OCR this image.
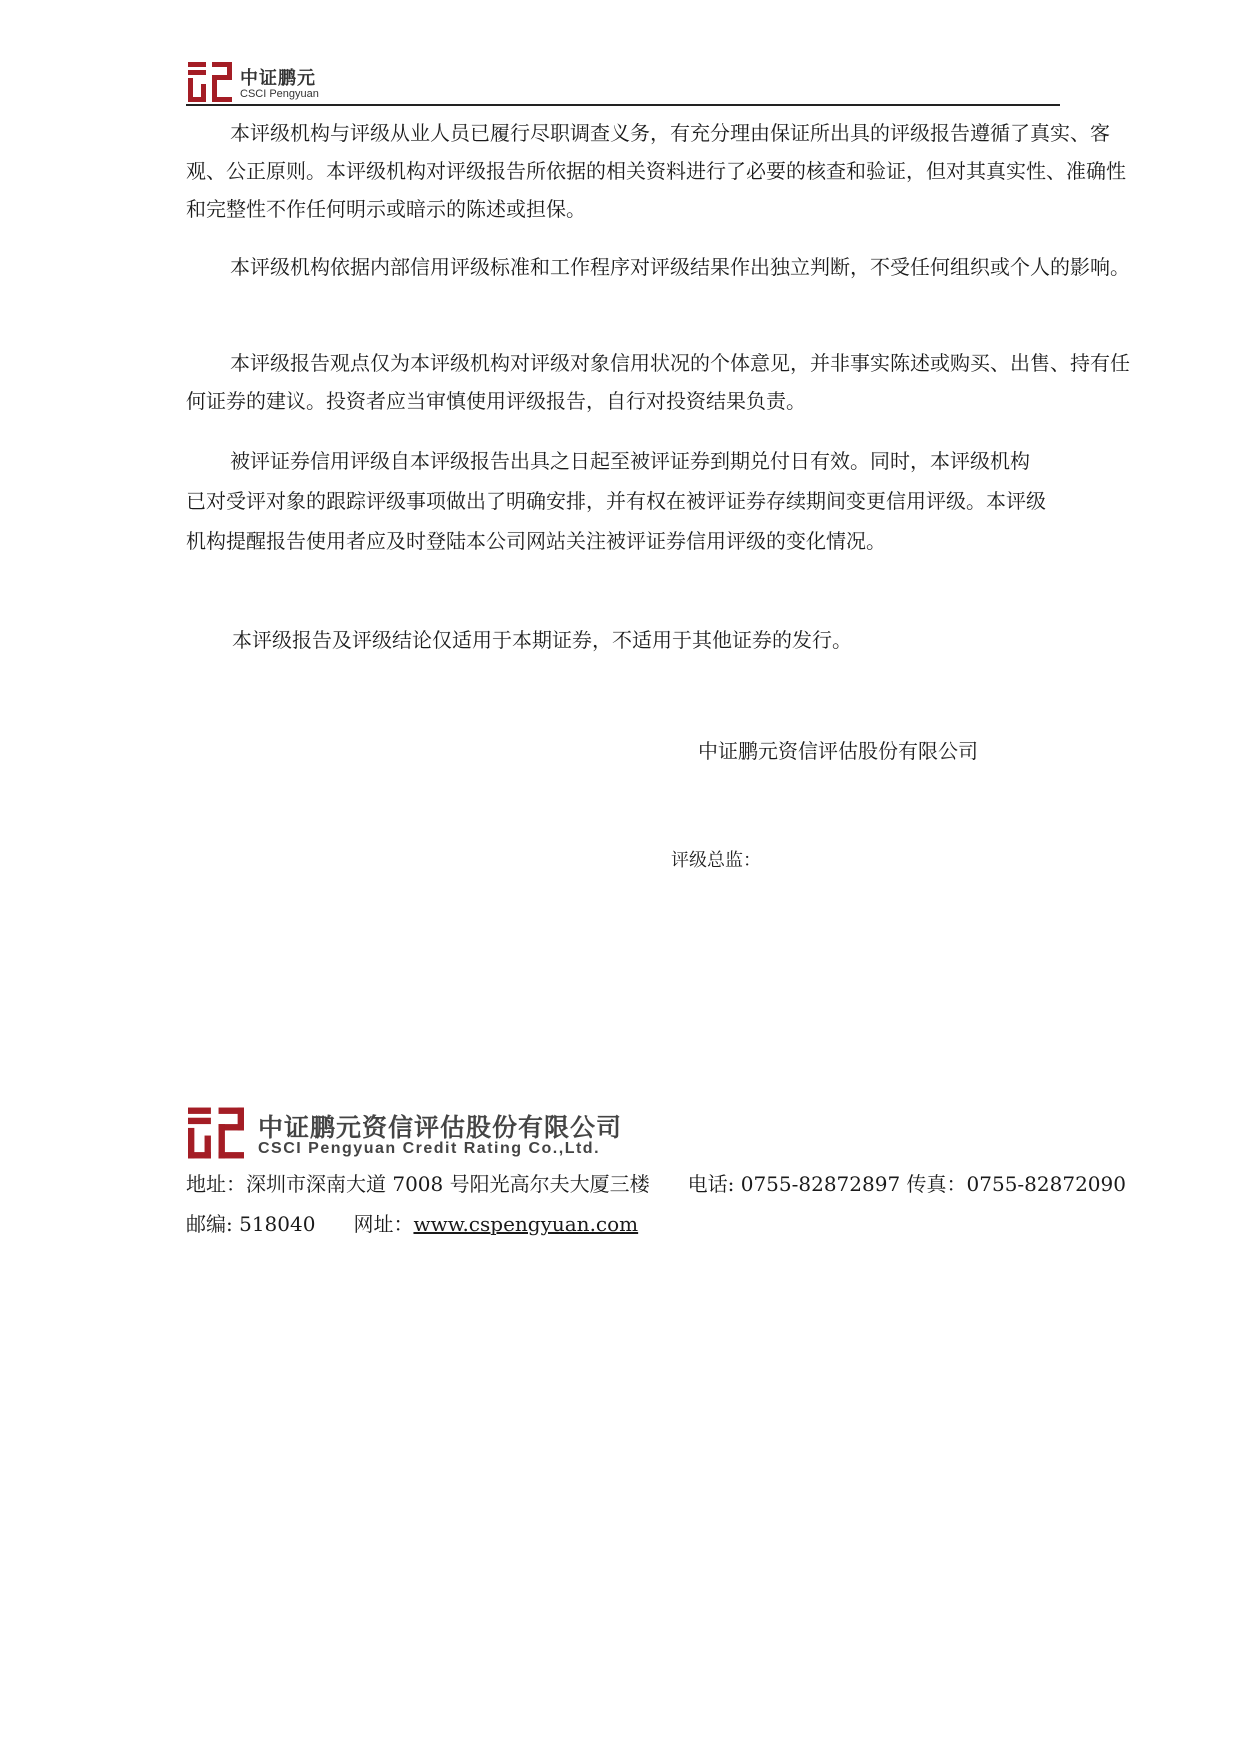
中证鹏元
CSCI Pengyuan

本评级机构与评级从业人员已履行尽职调查义务，有充分理由保证所出具的评级报告遵循了真实、客观、公正原则。本评级机构对评级报告所依据的相关资料进行了必要的核查和验证，但对其真实性、准确性和完整性不作任何明示或暗示的陈述或担保。

本评级机构依据内部信用评级标准和工作程序对评级结果作出独立判断，不受任何组织或个人的影响。

本评级报告观点仅为本评级机构对评级对象信用状况的个体意见，并非事实陈述或购买、出售、持有任何证券的建议。投资者应当审慎使用评级报告，自行对投资结果负责。

被评证券信用评级自本评级报告出具之日起至被评证券到期兑付日有效。同时，本评级机构已对受评对象的跟踪评级事项做出了明确安排，并有权在被评证券存续期间变更信用评级。本评级机构提醒报告使用者应及时登陆本公司网站关注被评证券信用评级的变化情况。

本评级报告及评级结论仅适用于本期证券，不适用于其他证券的发行。

中证鹏元资信评估股份有限公司
评级总监：
中证鹏元资信评估股份有限公司
CSCI Pengyuan Credit Rating Co.,Ltd.
地址：深圳市深南大道 7008 号阳光高尔夫大厦三楼 电话: 0755-82872897 传真：0755-82872090
邮编: 518040 网址：www.cspengyuan.com
